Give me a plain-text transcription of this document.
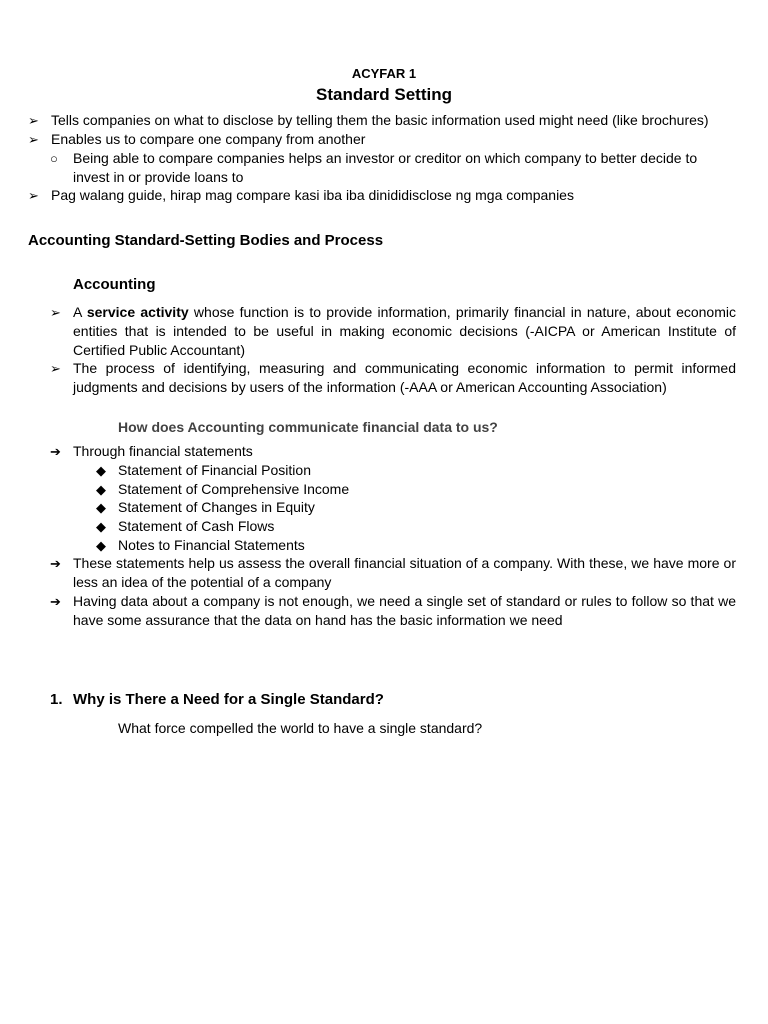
ACYFAR 1
Standard Setting
➢ Tells companies on what to disclose by telling them the basic information used might need (like brochures)
➢ Enables us to compare one company from another
○	Being able to compare companies helps an investor or creditor on which company to better decide to invest in or provide loans to
➢ Pag walang guide, hirap mag compare kasi iba iba dinididisclose ng mga companies
Accounting Standard-Setting Bodies and Process
Accounting
➢ A service activity whose function is to provide information, primarily financial in nature, about economic entities that is intended to be useful in making economic decisions (-AICPA or American Institute of Certified Public Accountant)
➢ The process of identifying, measuring and communicating economic information to permit informed judgments and decisions by users of the information (-AAA or American Accounting Association)
How does Accounting communicate financial data to us?
➔ Through financial statements
◆ Statement of Financial Position
◆ Statement of Comprehensive Income
◆ Statement of Changes in Equity
◆ Statement of Cash Flows
◆ Notes to Financial Statements
➔ These statements help us assess the overall financial situation of a company. With these, we have more or less an idea of the potential of a company
➔ Having data about a company is not enough, we need a single set of standard or rules to follow so that we have some assurance that the data on hand has the basic information we need
1. Why is There a Need for a Single Standard?
What force compelled the world to have a single standard?
